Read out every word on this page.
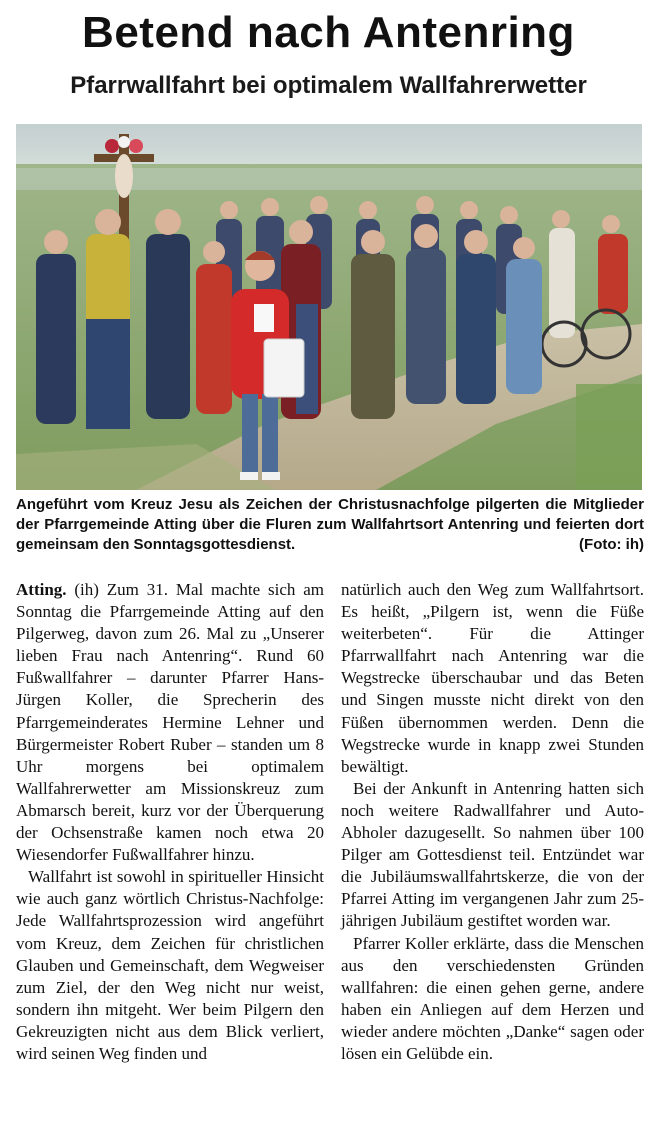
Betend nach Antenring
Pfarrwallfahrt bei optimalem Wallfahrerwetter
Angeführt vom Kreuz Jesu als Zeichen der Christusnachfolge pilgerten die Mitglieder der Pfarrgemeinde Atting über die Fluren zum Wallfahrtsort Antenring und feierten dort gemeinsam den Sonntagsgottesdienst.	(Foto: ih)

Atting. (ih) Zum 31. Mal machte sich am Sonntag die Pfarrgemeinde Atting auf den Pilgerweg, davon zum 26. Mal zu „Unserer lieben Frau nach Antenring“. Rund 60 Fußwallfahrer – darunter Pfarrer Hans-Jürgen Koller, die Sprecherin des Pfarrgemeinderates Hermine Lehner und Bürgermeister Robert Ruber – standen um 8 Uhr morgens bei optimalem Wallfahrerwetter am Missionskreuz zum Abmarsch bereit, kurz vor der Überquerung der Ochsenstraße kamen noch etwa 20 Wiesendorfer Fußwallfahrer hinzu.

Wallfahrt ist sowohl in spiritueller Hinsicht wie auch ganz wörtlich Christus-Nachfolge: Jede Wallfahrtsprozession wird angeführt vom Kreuz, dem Zeichen für christlichen Glauben und Gemeinschaft, dem Wegweiser zum Ziel, der den Weg nicht nur weist, sondern ihn mitgeht. Wer beim Pilgern den Gekreuzigten nicht aus dem Blick verliert, wird seinen Weg finden und

natürlich auch den Weg zum Wallfahrtsort. Es heißt, „Pilgern ist, wenn die Füße weiterbeten“. Für die Attinger Pfarrwallfahrt nach Antenring war die Wegstrecke überschaubar und das Beten und Singen musste nicht direkt von den Füßen übernommen werden. Denn die Wegstrecke wurde in knapp zwei Stunden bewältigt.

Bei der Ankunft in Antenring hatten sich noch weitere Radwallfahrer und Auto-Abholer dazugesellt. So nahmen über 100 Pilger am Gottesdienst teil. Entzündet war die Jubiläumswallfahrtskerze, die von der Pfarrei Atting im vergangenen Jahr zum 25-jährigen Jubiläum gestiftet worden war.

Pfarrer Koller erklärte, dass die Menschen aus den verschiedensten Gründen wallfahren: die einen gehen gerne, andere haben ein Anliegen auf dem Herzen und wieder andere möchten „Danke“ sagen oder lösen ein Gelübde ein.
